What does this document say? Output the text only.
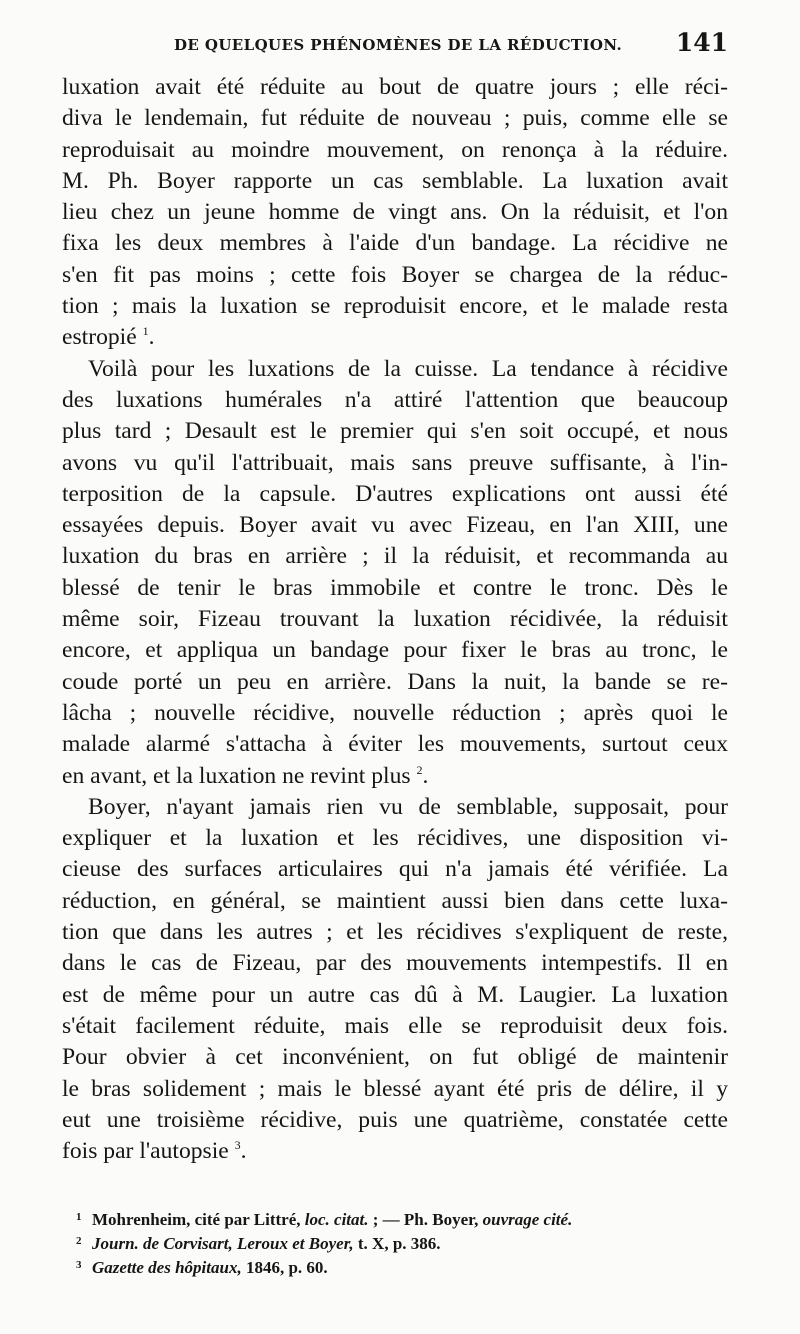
DE QUELQUES PHÉNOMÈNES DE LA RÉDUCTION. 141
luxation avait été réduite au bout de quatre jours ; elle réci-
diva le lendemain, fut réduite de nouveau ; puis, comme elle se
reproduisait au moindre mouvement, on renonça à la réduire.
M. Ph. Boyer rapporte un cas semblable. La luxation avait
lieu chez un jeune homme de vingt ans. On la réduisit, et l'on
fixa les deux membres à l'aide d'un bandage. La récidive ne
s'en fit pas moins ; cette fois Boyer se chargea de la réduc-
tion ; mais la luxation se reproduisit encore, et le malade resta
estropié $^1$.
Voilà pour les luxations de la cuisse. La tendance à récidive
des luxations humérales n'a attiré l'attention que beaucoup
plus tard ; Desault est le premier qui s'en soit occupé, et nous
avons vu qu'il l'attribuait, mais sans preuve suffisante, à l'in-
terposition de la capsule. D'autres explications ont aussi été
essayées depuis. Boyer avait vu avec Fizeau, en l'an XIII, une
luxation du bras en arrière ; il la réduisit, et recommanda au
blessé de tenir le bras immobile et contre le tronc. Dès le
même soir, Fizeau trouvant la luxation récidivée, la réduisit
encore, et appliqua un bandage pour fixer le bras au tronc, le
coude porté un peu en arrière. Dans la nuit, la bande se re-
lâcha ; nouvelle récidive, nouvelle réduction ; après quoi le
malade alarmé s'attacha à éviter les mouvements, surtout ceux
en avant, et la luxation ne revint plus $^2$.
Boyer, n'ayant jamais rien vu de semblable, supposait, pour
expliquer et la luxation et les récidives, une disposition vi-
cieuse des surfaces articulaires qui n'a jamais été vérifiée. La
réduction, en général, se maintient aussi bien dans cette luxa-
tion que dans les autres ; et les récidives s'expliquent de reste,
dans le cas de Fizeau, par des mouvements intempestifs. Il en
est de même pour un autre cas dû à M. Laugier. La luxation
s'était facilement réduite, mais elle se reproduisit deux fois.
Pour obvier à cet inconvénient, on fut obligé de maintenir
le bras solidement ; mais le blessé ayant été pris de délire, il y
eut une troisième récidive, puis une quatrième, constatée cette
fois par l'autopsie $^3$.
1 Mohrenheim, cité par Littré, loc. citat. ; — Ph. Boyer, ouvrage cité.
2 Journ. de Corvisart, Leroux et Boyer, t. X, p. 386.
3 Gazette des hôpitaux, 1846, p. 60.
